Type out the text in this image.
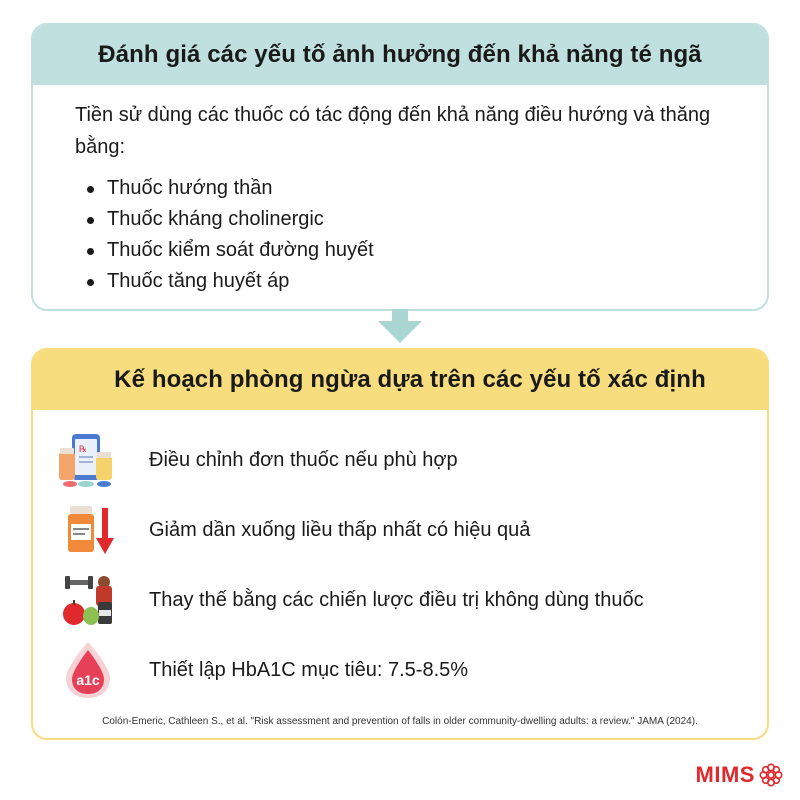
Đánh giá các yếu tố ảnh hưởng đến khả năng té ngã

Tiền sử dùng các thuốc có tác động đến khả năng điều hướng và thăng bằng:

Thuốc hướng thần
Thuốc kháng cholinergic
Thuốc kiểm soát đường huyết
Thuốc tăng huyết áp
Kế hoạch phòng ngừa dựa trên các yếu tố xác định
℞	Điều chỉnh đơn thuốc nếu phù hợp
Giảm dần xuống liều thấp nhất có hiệu quả
Thay thế bằng các chiến lược điều trị không dùng thuốc
a1c Thiết lập HbA1C mục tiêu: 7.5-8.5%
Colón-Emeric, Cathleen S., et al. "Risk assessment and prevention of falls in older community-dwelling adults: a review." JAMA (2024).
MIMS
